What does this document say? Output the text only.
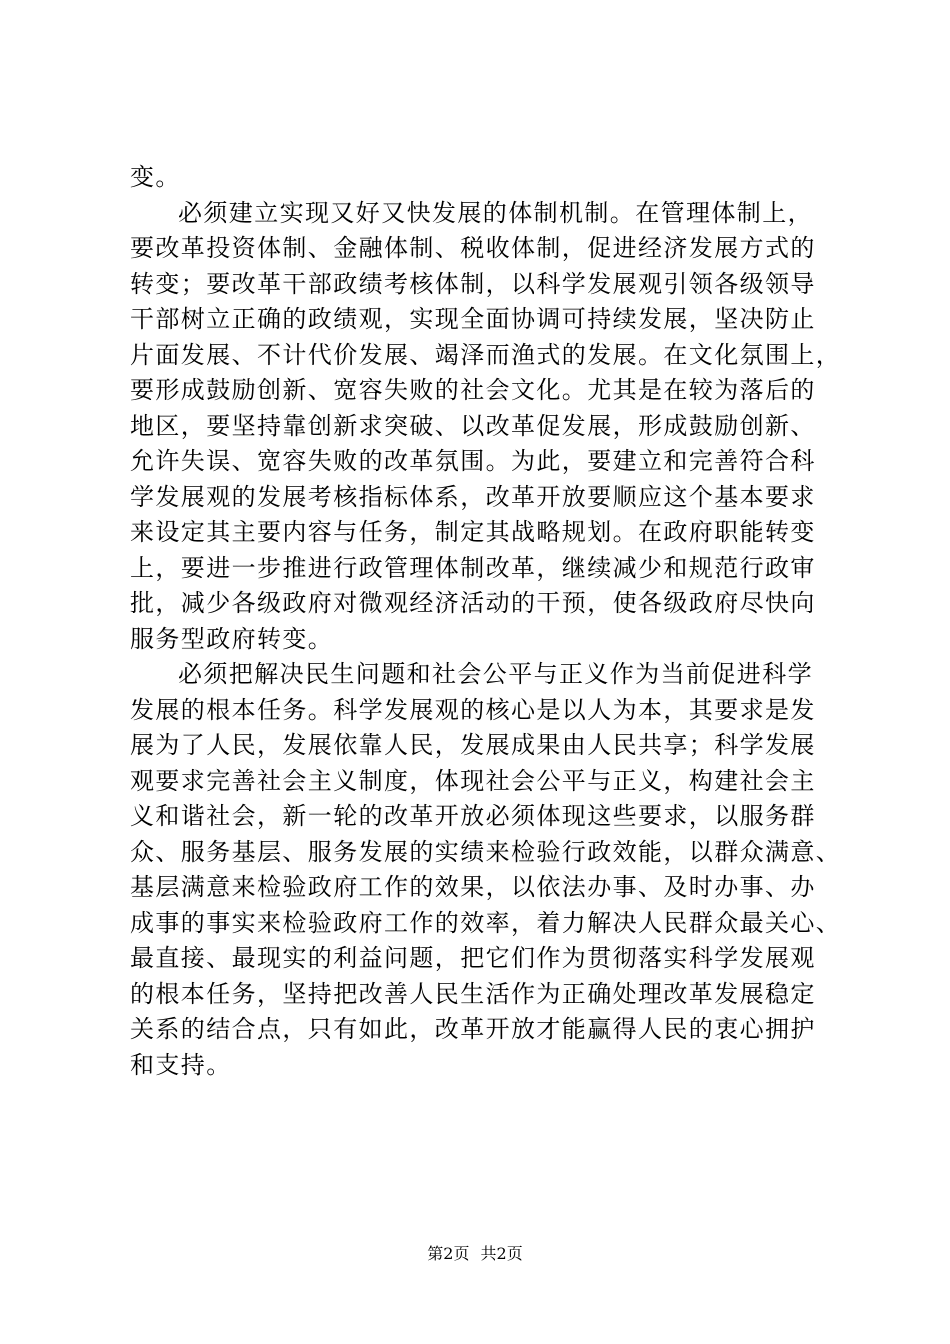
变。
必须建立实现又好又快发展的体制机制。在管理体制上，
要改革投资体制、金融体制、税收体制，促进经济发展方式的
转变；要改革干部政绩考核体制，以科学发展观引领各级领导
干部树立正确的政绩观，实现全面协调可持续发展，坚决防止
片面发展、不计代价发展、竭泽而渔式的发展。在文化氛围上，
要形成鼓励创新、宽容失败的社会文化。尤其是在较为落后的
地区，要坚持靠创新求突破、以改革促发展，形成鼓励创新、
允许失误、宽容失败的改革氛围。为此，要建立和完善符合科
学发展观的发展考核指标体系，改革开放要顺应这个基本要求
来设定其主要内容与任务，制定其战略规划。在政府职能转变
上，要进一步推进行政管理体制改革，继续减少和规范行政审
批，减少各级政府对微观经济活动的干预，使各级政府尽快向
服务型政府转变。
必须把解决民生问题和社会公平与正义作为当前促进科学
发展的根本任务。科学发展观的核心是以人为本，其要求是发
展为了人民，发展依靠人民，发展成果由人民共享；科学发展
观要求完善社会主义制度，体现社会公平与正义，构建社会主
义和谐社会，新一轮的改革开放必须体现这些要求，以服务群
众、服务基层、服务发展的实绩来检验行政效能，以群众满意、
基层满意来检验政府工作的效果，以依法办事、及时办事、办
成事的事实来检验政府工作的效率，着力解决人民群众最关心、
最直接、最现实的利益问题，把它们作为贯彻落实科学发展观
的根本任务，坚持把改善人民生活作为正确处理改革发展稳定
关系的结合点，只有如此，改革开放才能赢得人民的衷心拥护
和支持。
第2页 共2页
